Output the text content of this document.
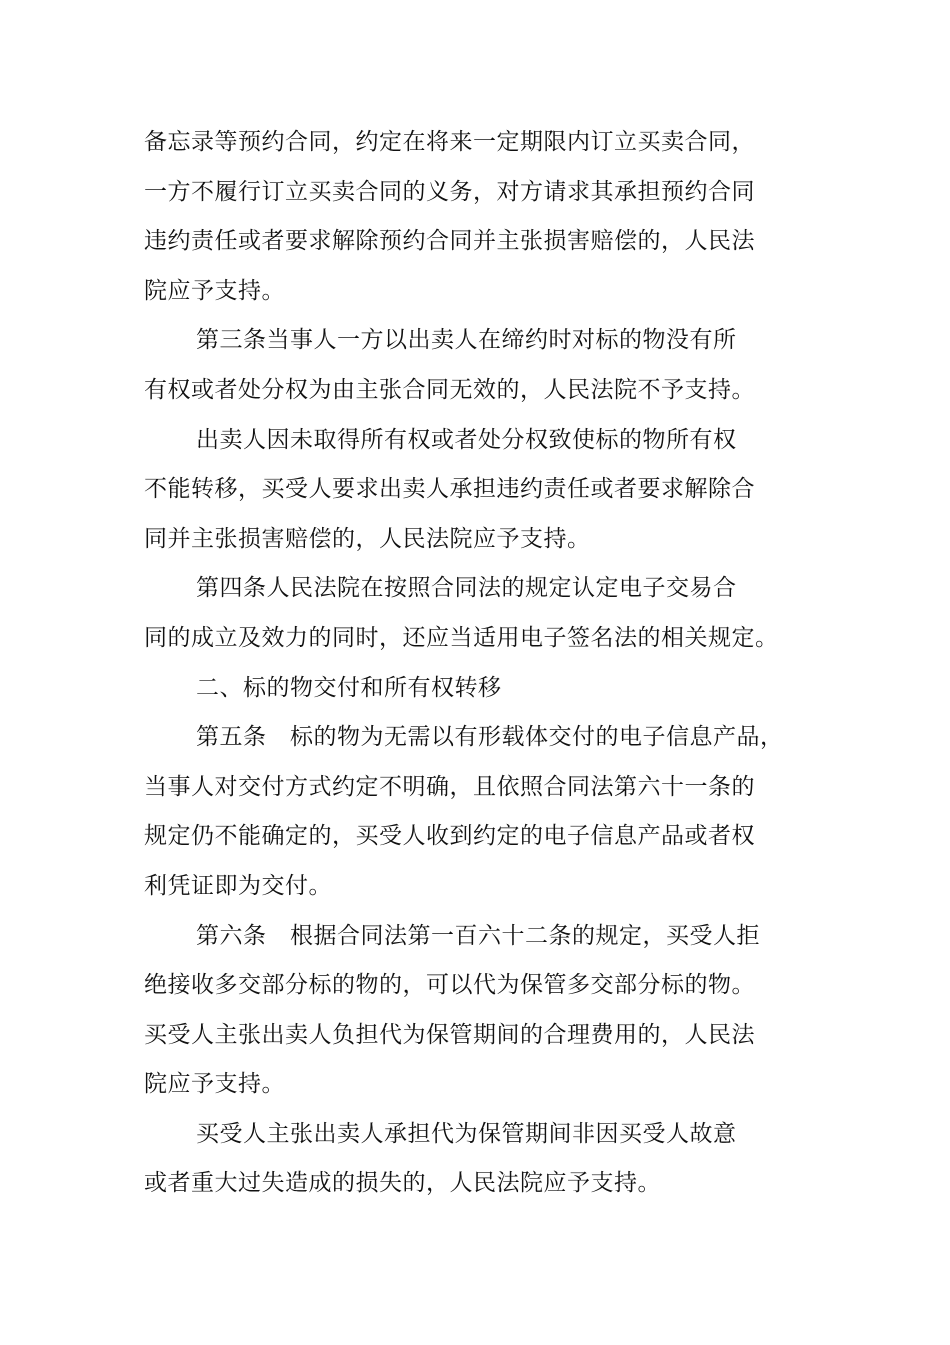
备忘录等预约合同，约定在将来一定期限内订立买卖合同，
一方不履行订立买卖合同的义务，对方请求其承担预约合同
违约责任或者要求解除预约合同并主张损害赔偿的，人民法
院应予支持。
第三条当事人一方以出卖人在缔约时对标的物没有所
有权或者处分权为由主张合同无效的，人民法院不予支持。
出卖人因未取得所有权或者处分权致使标的物所有权
不能转移，买受人要求出卖人承担违约责任或者要求解除合
同并主张损害赔偿的，人民法院应予支持。
第四条人民法院在按照合同法的规定认定电子交易合
同的成立及效力的同时，还应当适用电子签名法的相关规定。
二、标的物交付和所有权转移
第五条　标的物为无需以有形载体交付的电子信息产品，
当事人对交付方式约定不明确，且依照合同法第六十一条的
规定仍不能确定的，买受人收到约定的电子信息产品或者权
利凭证即为交付。
第六条　根据合同法第一百六十二条的规定，买受人拒
绝接收多交部分标的物的，可以代为保管多交部分标的物。
买受人主张出卖人负担代为保管期间的合理费用的，人民法
院应予支持。
买受人主张出卖人承担代为保管期间非因买受人故意
或者重大过失造成的损失的，人民法院应予支持。
